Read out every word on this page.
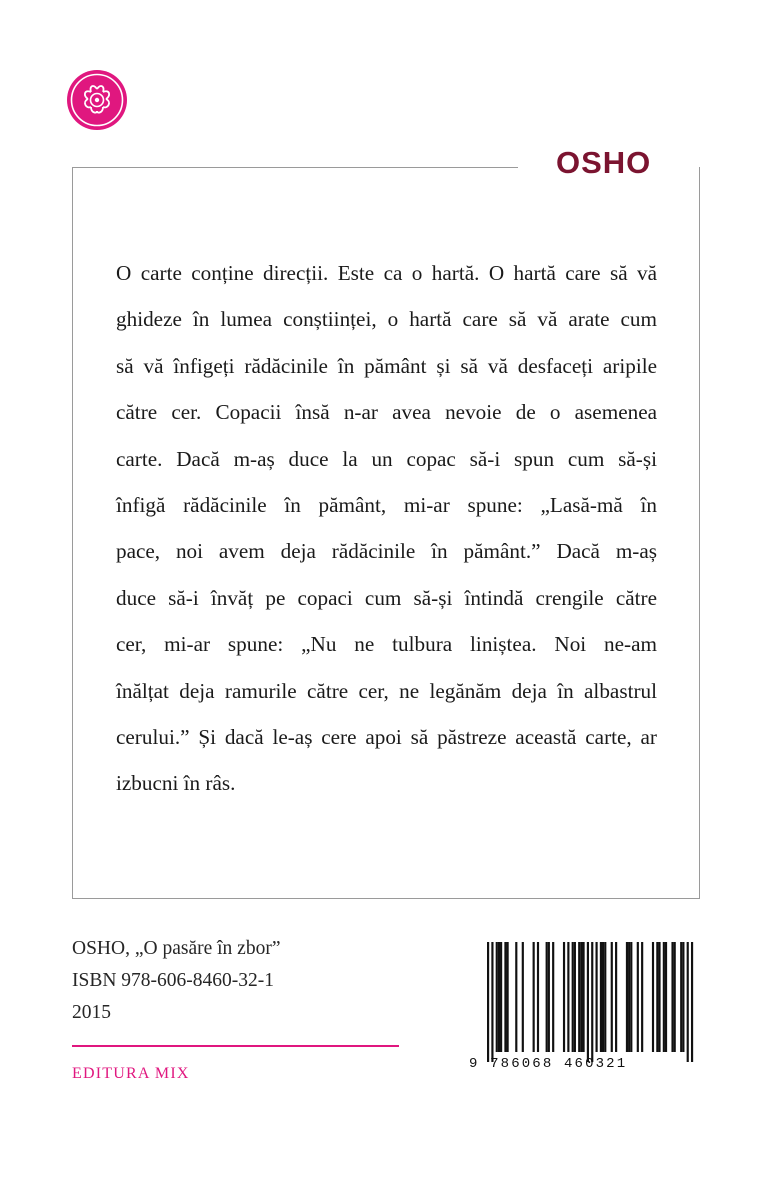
OSHO
O carte conține direcții. Este ca o hartă. O hartă care să vă
ghideze în lumea conștiinței, o hartă care să vă arate cum
să vă înfigeți rădăcinile în pământ și să vă desfaceți aripile
către cer. Copacii însă n-ar avea nevoie de o asemenea
carte. Dacă m-aș duce la un copac să-i spun cum să-și
înfigă rădăcinile în pământ, mi-ar spune: „Lasă-mă în
pace, noi avem deja rădăcinile în pământ.” Dacă m-aș
duce să-i învăț pe copaci cum să-și întindă crengile către
cer, mi-ar spune: „Nu ne tulbura liniștea. Noi ne-am
înălțat deja ramurile către cer, ne legănăm deja în albastrul
cerului.” Și dacă le-aș cere apoi să păstreze această carte, ar
izbucni în râs.
OSHO, „O pasăre în zbor”
ISBN 978-606-8460-32-1
2015
EDITURA MIX
9 786068 460321
